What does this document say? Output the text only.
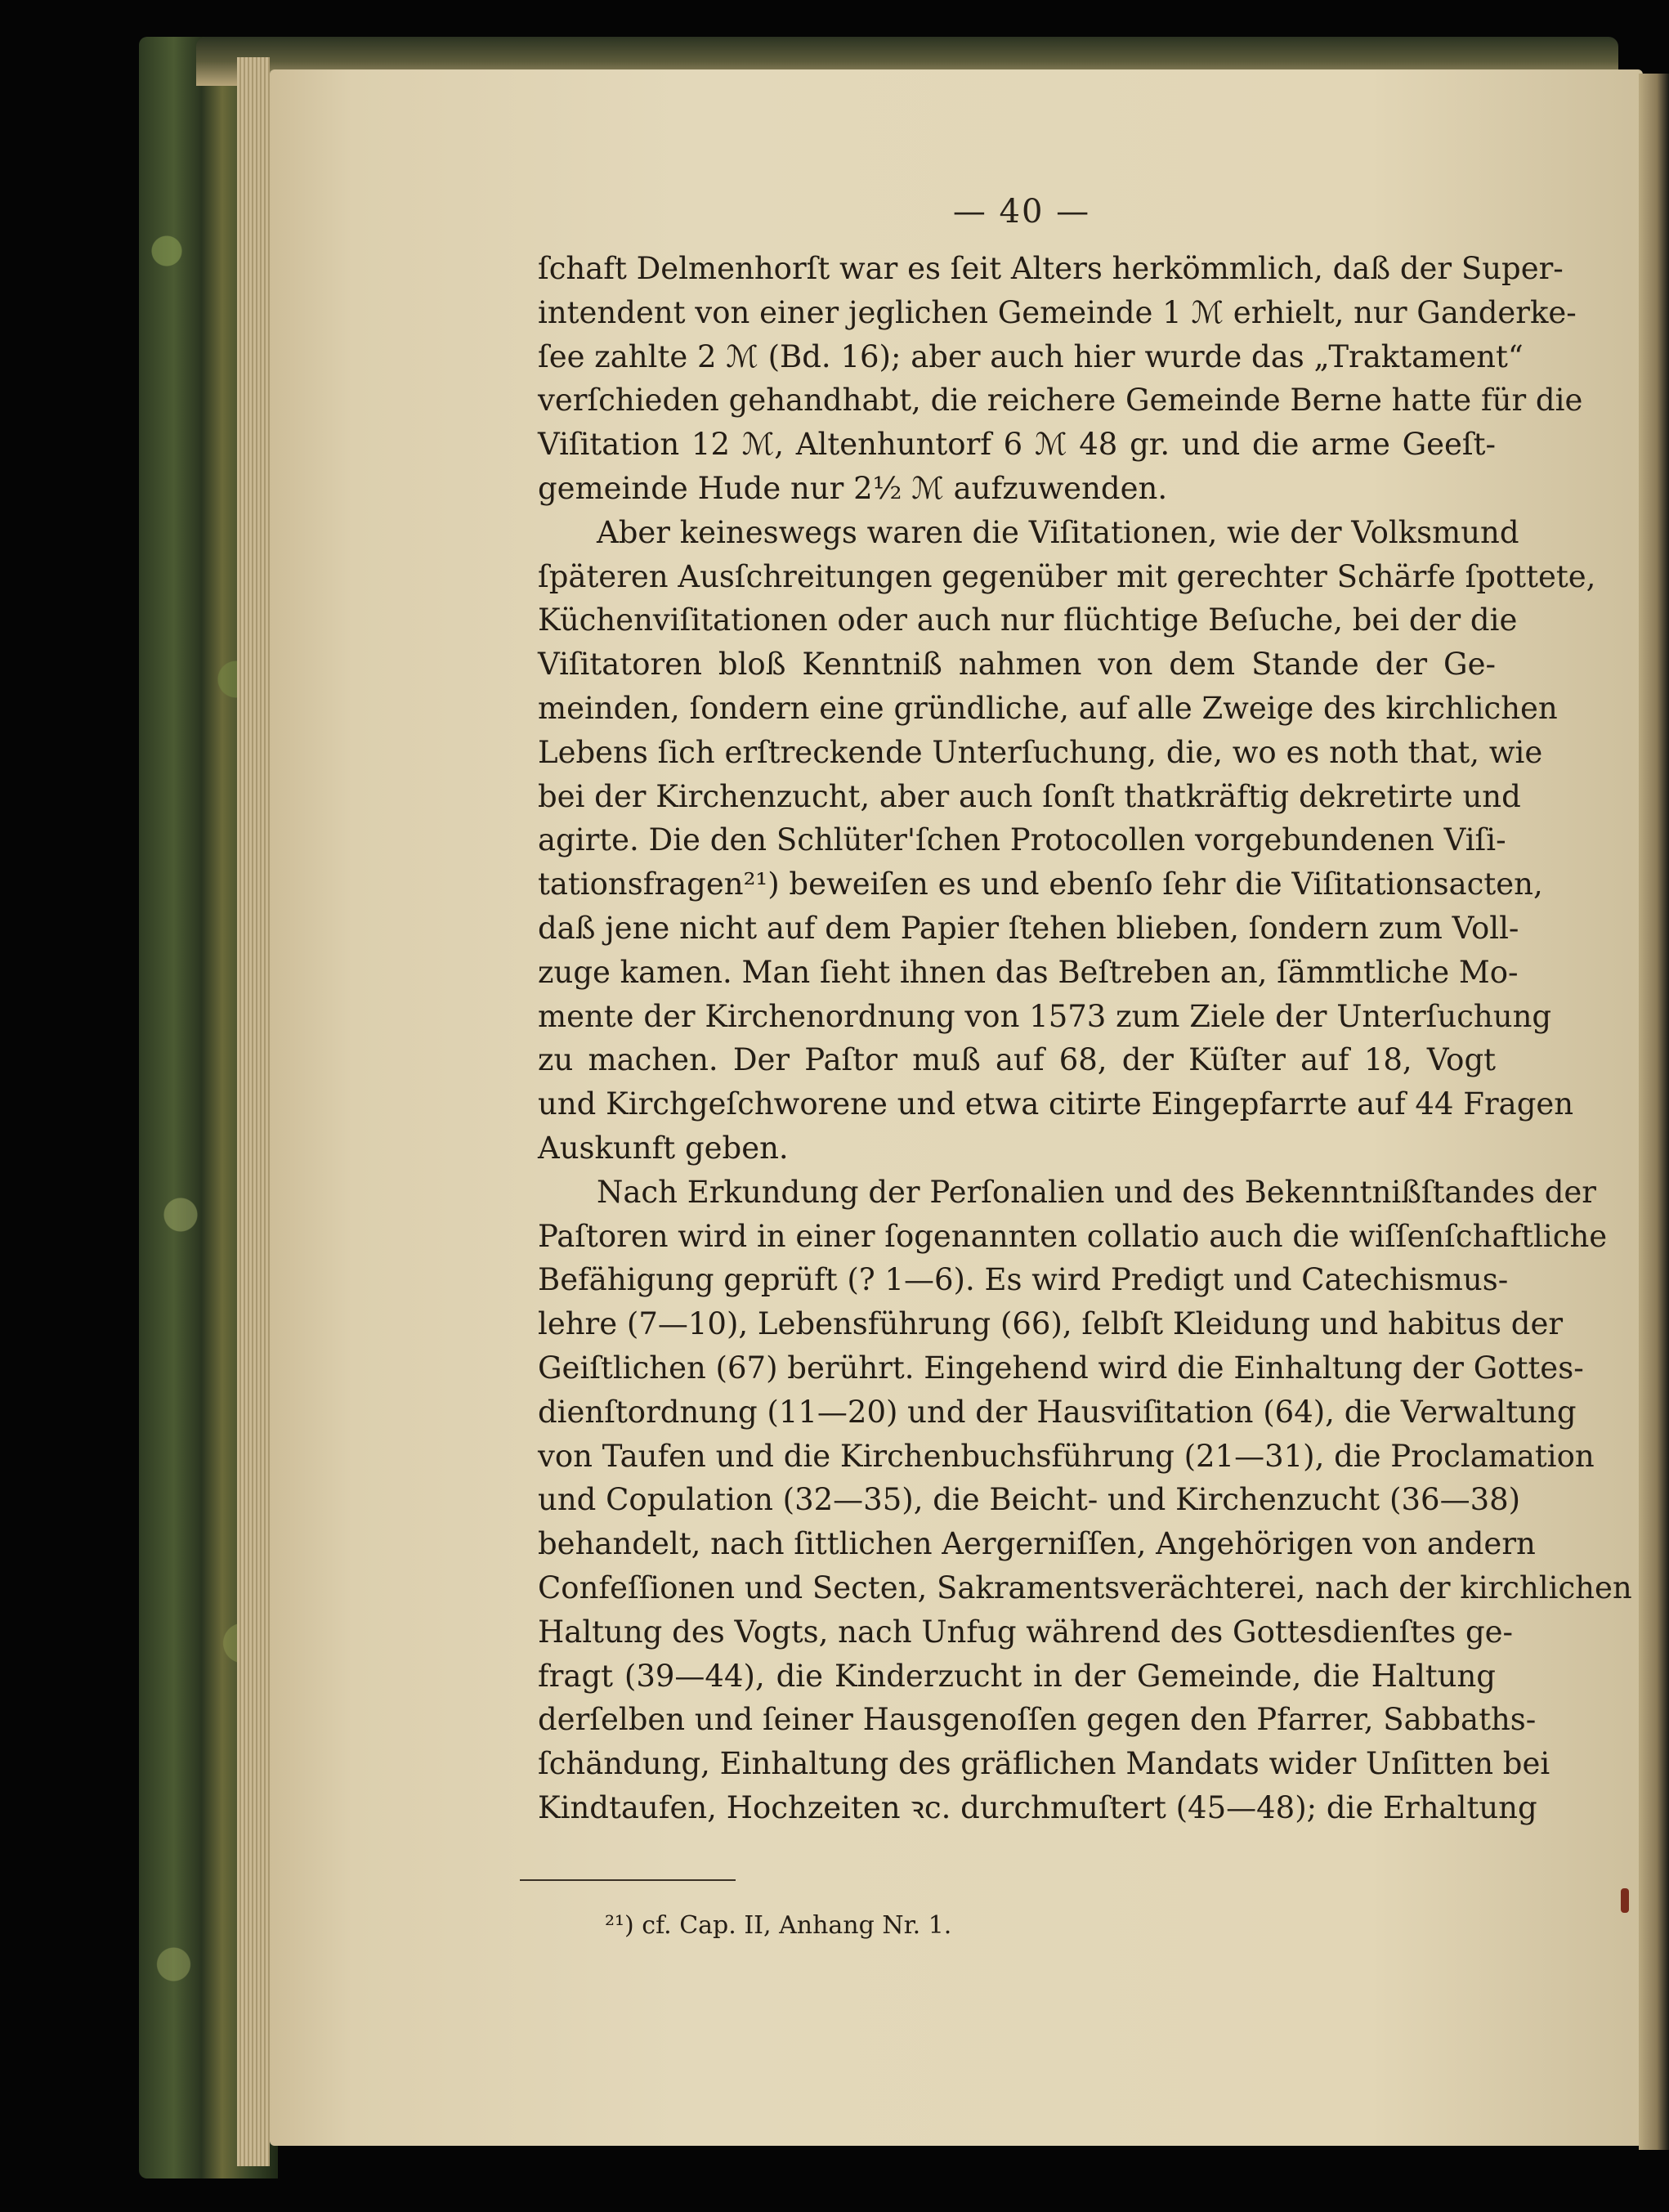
— 40 —
ſchaft Delmenhorſt war es ſeit Alters herkömmlich, daß der Super-
intendent von einer jeglichen Gemeinde 1 ℳ erhielt, nur Ganderke-
ſee zahlte 2 ℳ (Bd. 16); aber auch hier wurde das „Traktament“
verſchieden gehandhabt, die reichere Gemeinde Berne hatte für die
Viſitation 12 ℳ, Altenhuntorf 6 ℳ 48 gr. und die arme Geeſt-
gemeinde Hude nur 2½ ℳ aufzuwenden.
Aber keineswegs waren die Viſitationen, wie der Volksmund
ſpäteren Ausſchreitungen gegenüber mit gerechter Schärfe ſpottete,
Küchenviſitationen oder auch nur flüchtige Beſuche, bei der die
Viſitatoren bloß Kenntniß nahmen von dem Stande der Ge-
meinden, ſondern eine gründliche, auf alle Zweige des kirchlichen
Lebens ſich erſtreckende Unterſuchung, die, wo es noth that, wie
bei der Kirchenzucht, aber auch ſonſt thatkräftig dekretirte und
agirte. Die den Schlüter'ſchen Protocollen vorgebundenen Viſi-
tationsfragen²¹) beweiſen es und ebenſo ſehr die Viſitationsacten,
daß jene nicht auf dem Papier ſtehen blieben, ſondern zum Voll-
zuge kamen. Man ſieht ihnen das Beſtreben an, ſämmtliche Mo-
mente der Kirchenordnung von 1573 zum Ziele der Unterſuchung
zu machen. Der Paſtor muß auf 68, der Küſter auf 18, Vogt
und Kirchgeſchworene und etwa citirte Eingepfarrte auf 44 Fragen
Auskunft geben.
Nach Erkundung der Perſonalien und des Bekenntnißſtandes der
Paſtoren wird in einer ſogenannten collatio auch die wiſſenſchaftliche
Befähigung geprüft (? 1—6). Es wird Predigt und Catechismus-
lehre (7—10), Lebensführung (66), ſelbſt Kleidung und habitus der
Geiſtlichen (67) berührt. Eingehend wird die Einhaltung der Gottes-
dienſtordnung (11—20) und der Hausviſitation (64), die Verwaltung
von Taufen und die Kirchenbuchsführung (21—31), die Proclamation
und Copulation (32—35), die Beicht- und Kirchenzucht (36—38)
behandelt, nach ſittlichen Aergerniſſen, Angehörigen von andern
Confeſſionen und Secten, Sakramentsverächterei, nach der kirchlichen
Haltung des Vogts, nach Unfug während des Gottesdienſtes ge-
fragt (39—44), die Kinderzucht in der Gemeinde, die Haltung
derſelben und ſeiner Hausgenoſſen gegen den Pfarrer, Sabbaths-
ſchändung, Einhaltung des gräflichen Mandats wider Unſitten bei
Kindtaufen, Hochzeiten ꝛc. durchmuſtert (45—48); die Erhaltung
²¹) cf. Cap. II, Anhang Nr. 1.
